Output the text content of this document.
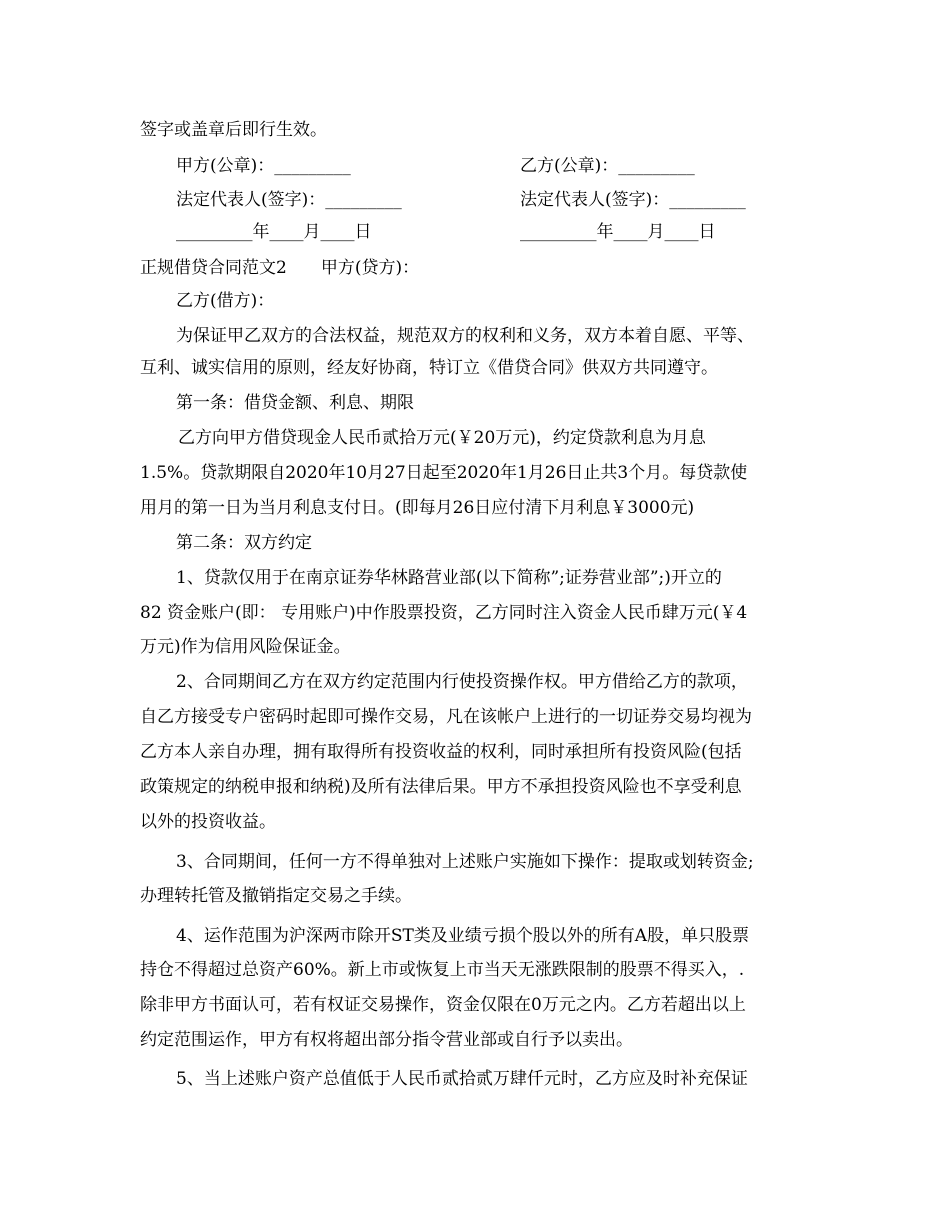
签字或盖章后即行生效。
甲方(公章)：_________	乙方(公章)：_________
法定代表人(签字)：_________	法定代表人(签字)：_________
_________年____月____日	_________年____月____日
正规借贷合同范文2　　甲方(贷方)：
乙方(借方)：
为保证甲乙双方的合法权益，规范双方的权利和义务，双方本着自愿、平等、
互利、诚实信用的原则，经友好协商，特订立《借贷合同》供双方共同遵守。
第一条：借贷金额、利息、期限
乙方向甲方借贷现金人民币贰拾万元(￥20万元)，约定贷款利息为月息
1.5%。贷款期限自2020年10月27日起至2020年1月26日止共3个月。每贷款使
用月的第一日为当月利息支付日。(即每月26日应付清下月利息￥3000元)
第二条：双方约定
1、贷款仅用于在南京证券华林路营业部(以下简称”;证券营业部”;)开立的
82 资金账户(即： 专用账户)中作股票投资，乙方同时注入资金人民币肆万元(￥4
万元)作为信用风险保证金。
2、合同期间乙方在双方约定范围内行使投资操作权。甲方借给乙方的款项，
自乙方接受专户密码时起即可操作交易，凡在该帐户上进行的一切证券交易均视为
乙方本人亲自办理，拥有取得所有投资收益的权利，同时承担所有投资风险(包括
政策规定的纳税申报和纳税)及所有法律后果。甲方不承担投资风险也不享受利息
以外的投资收益。
3、合同期间，任何一方不得单独对上述账户实施如下操作：提取或划转资金;
办理转托管及撤销指定交易之手续。
4、运作范围为沪深两市除开ST类及业绩亏损个股以外的所有A股，单只股票
持仓不得超过总资产60%。新上市或恢复上市当天无涨跌限制的股票不得买入，.
除非甲方书面认可，若有权证交易操作，资金仅限在0万元之内。乙方若超出以上
约定范围运作，甲方有权将超出部分指令营业部或自行予以卖出。
5、当上述账户资产总值低于人民币贰拾贰万肆仟元时，乙方应及时补充保证
